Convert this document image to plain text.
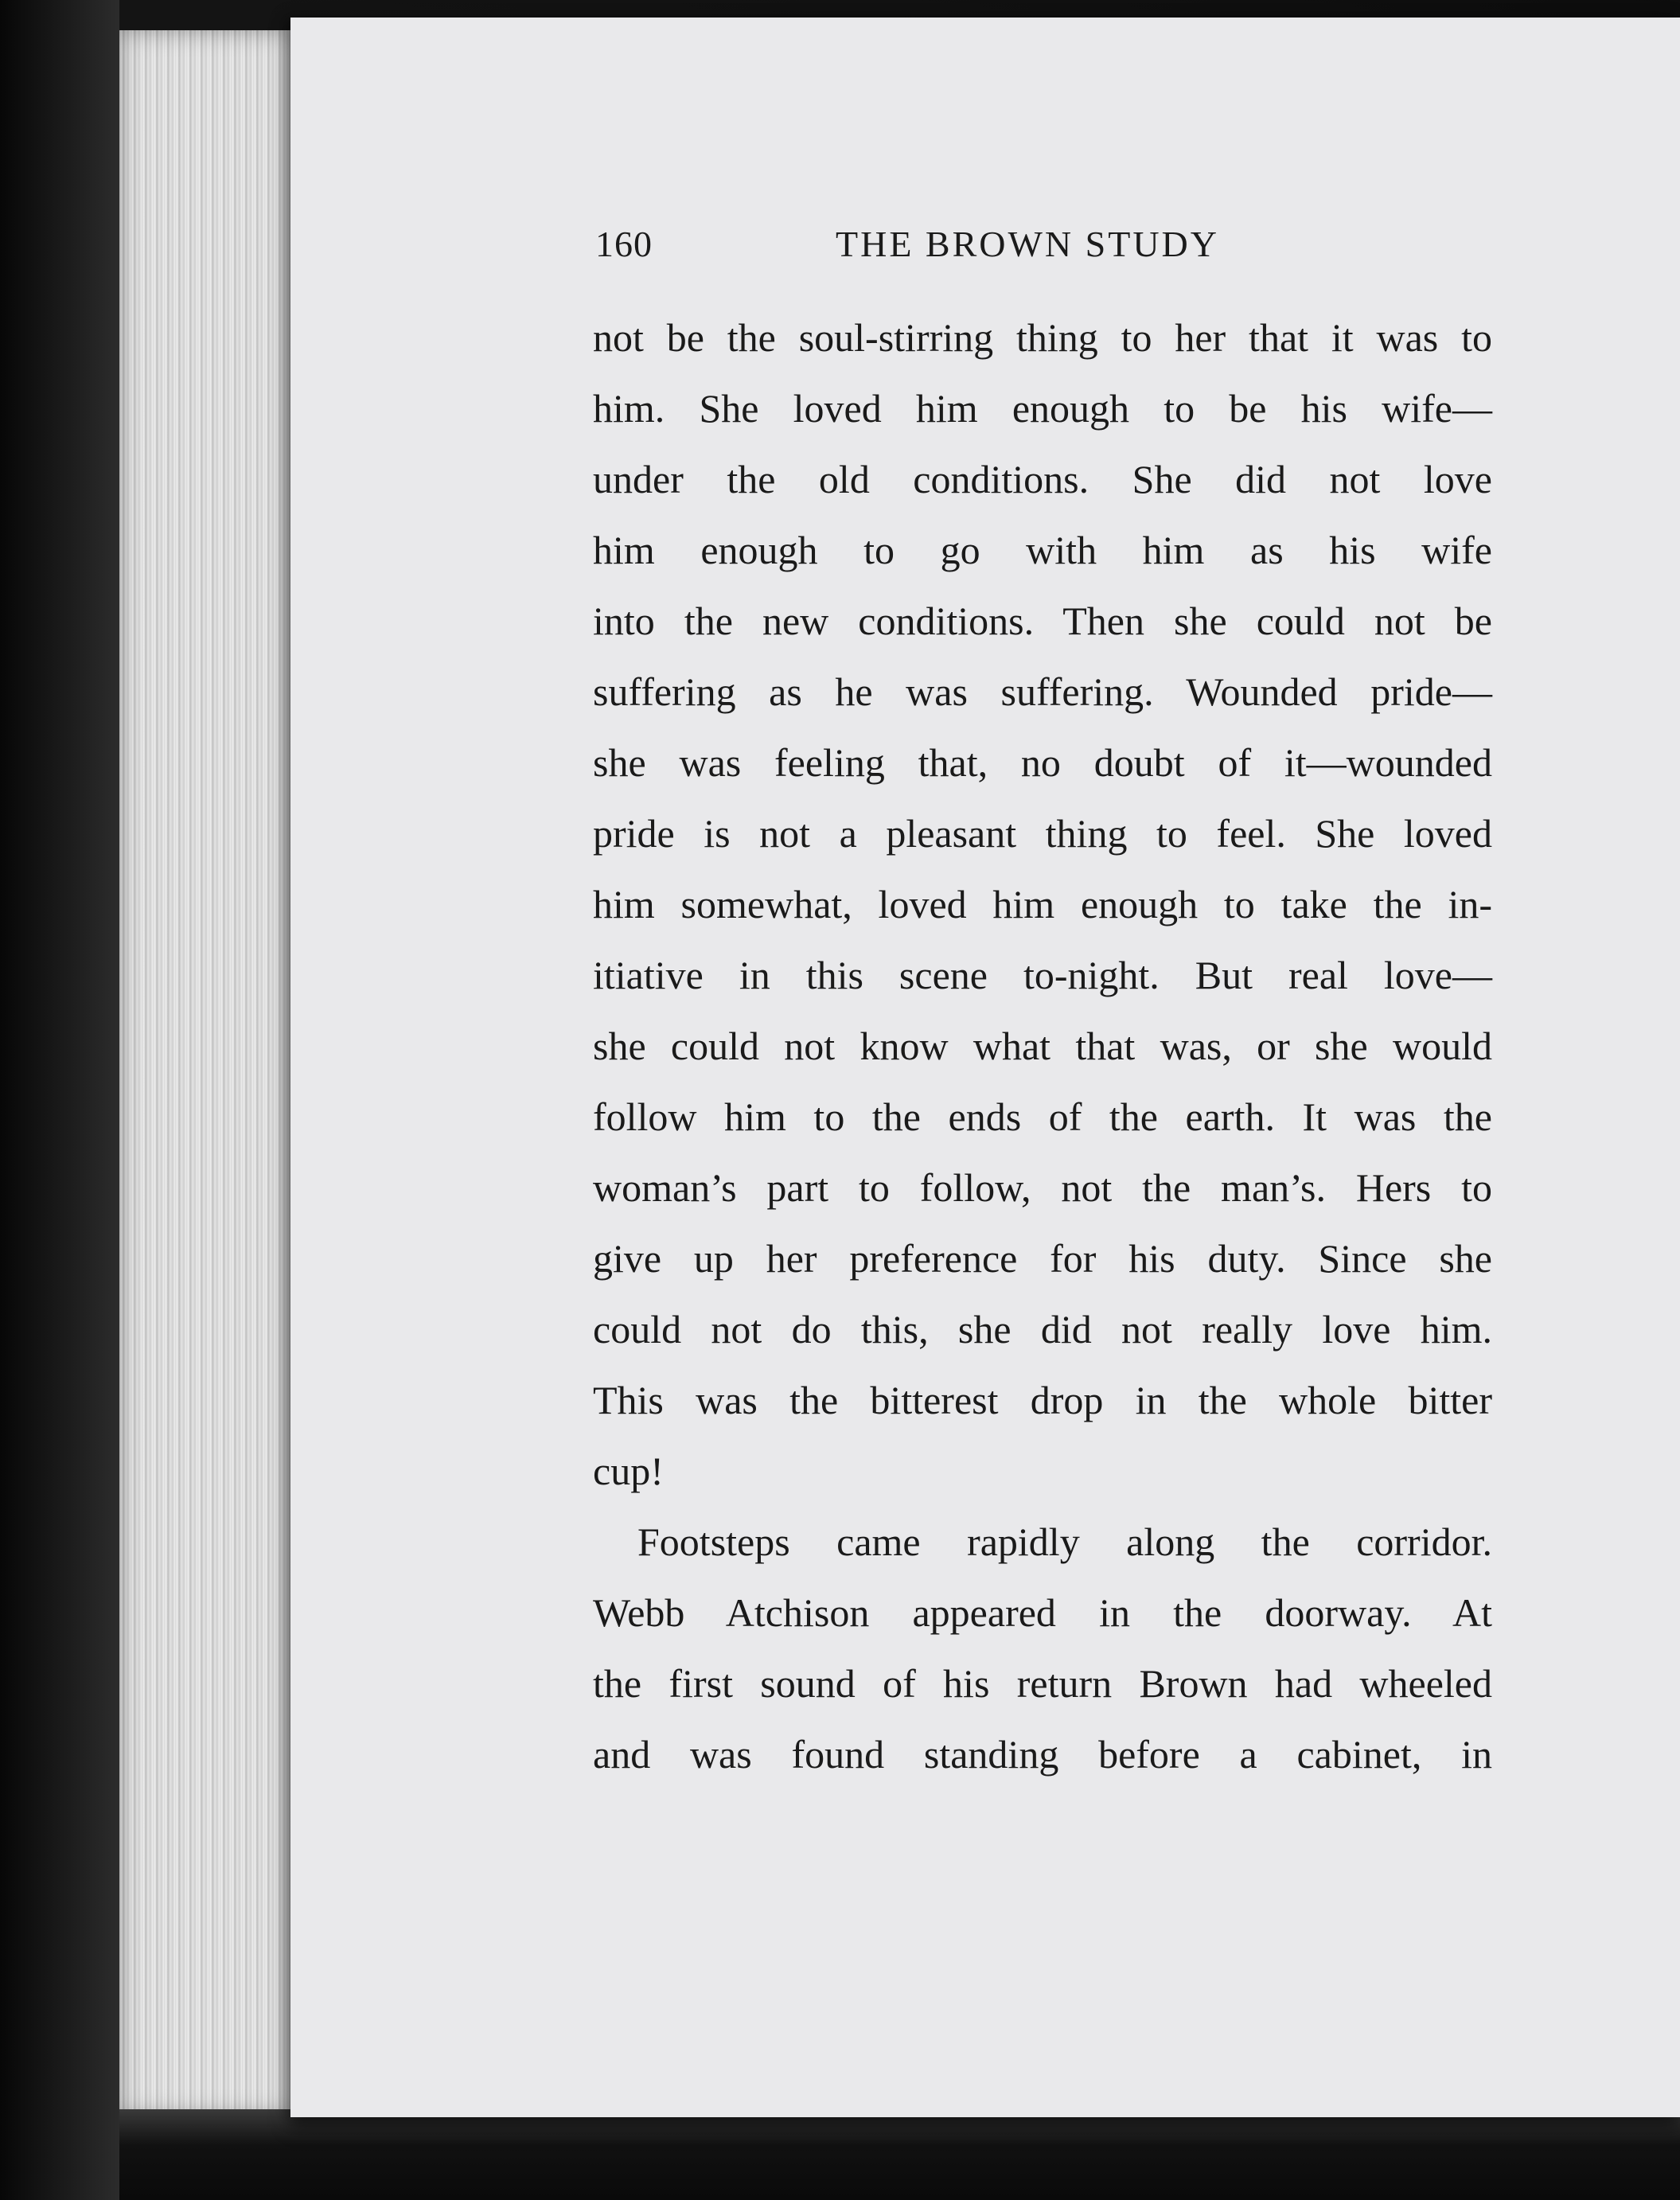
160	THE BROWN STUDY
not be the soul-stirring thing to her that it was to
him. She loved him enough to be his wife—
under the old conditions. She did not love
him enough to go with him as his wife
into the new conditions. Then she could not be
suffering as he was suffering. Wounded pride—
she was feeling that, no doubt of it—wounded
pride is not a pleasant thing to feel. She loved
him somewhat, loved him enough to take the in-
itiative in this scene to-night. But real love—
she could not know what that was, or she would
follow him to the ends of the earth. It was the
woman’s part to follow, not the man’s. Hers to
give up her preference for his duty. Since she
could not do this, she did not really love him.
This was the bitterest drop in the whole bitter
cup!
Footsteps came rapidly along the corridor.
Webb Atchison appeared in the doorway. At
the first sound of his return Brown had wheeled
and was found standing before a cabinet, in
